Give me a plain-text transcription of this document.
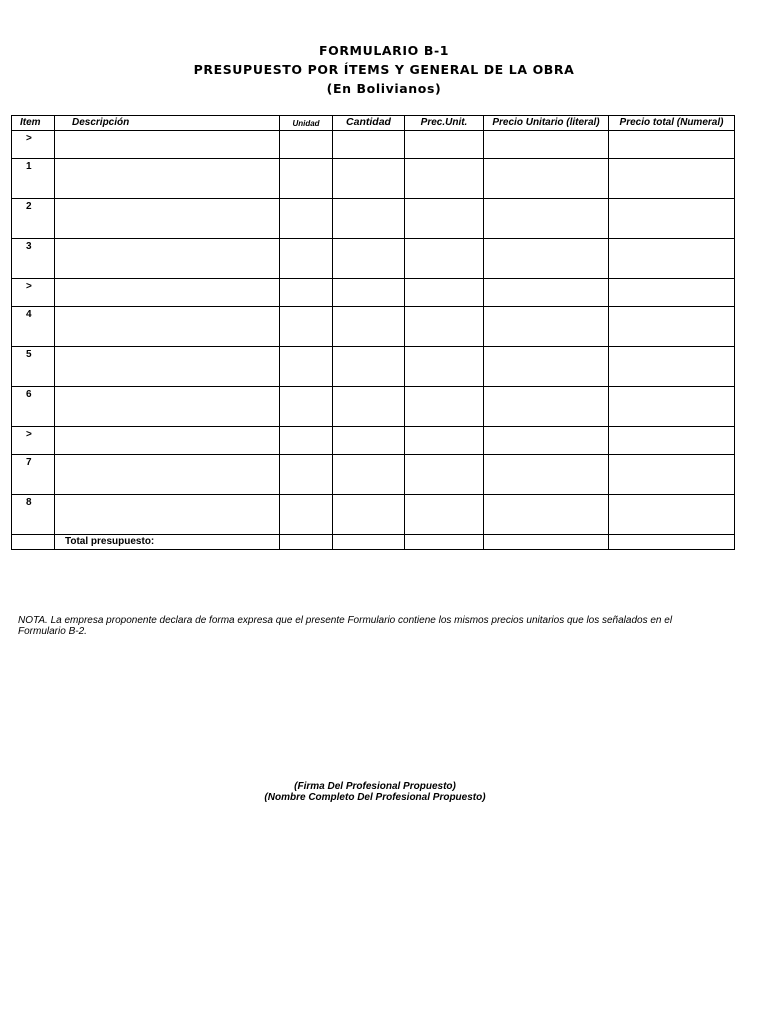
FORMULARIO B-1
PRESUPUESTO POR ÍTEMS Y GENERAL DE LA OBRA
(En Bolivianos)
Item	Descripción	Unidad	Cantidad	Prec.Unit.	Precio Unitario (literal)	Precio total (Numeral)
>						
1						
2						
3						
>						
4						
5						
6						
>						
7						
8						
	Total presupuesto:					
NOTA. La empresa proponente declara de forma expresa que el presente Formulario contiene los mismos precios unitarios que los señalados en el Formulario B-2.
(Firma Del Profesional Propuesto)
(Nombre Completo Del Profesional Propuesto)
